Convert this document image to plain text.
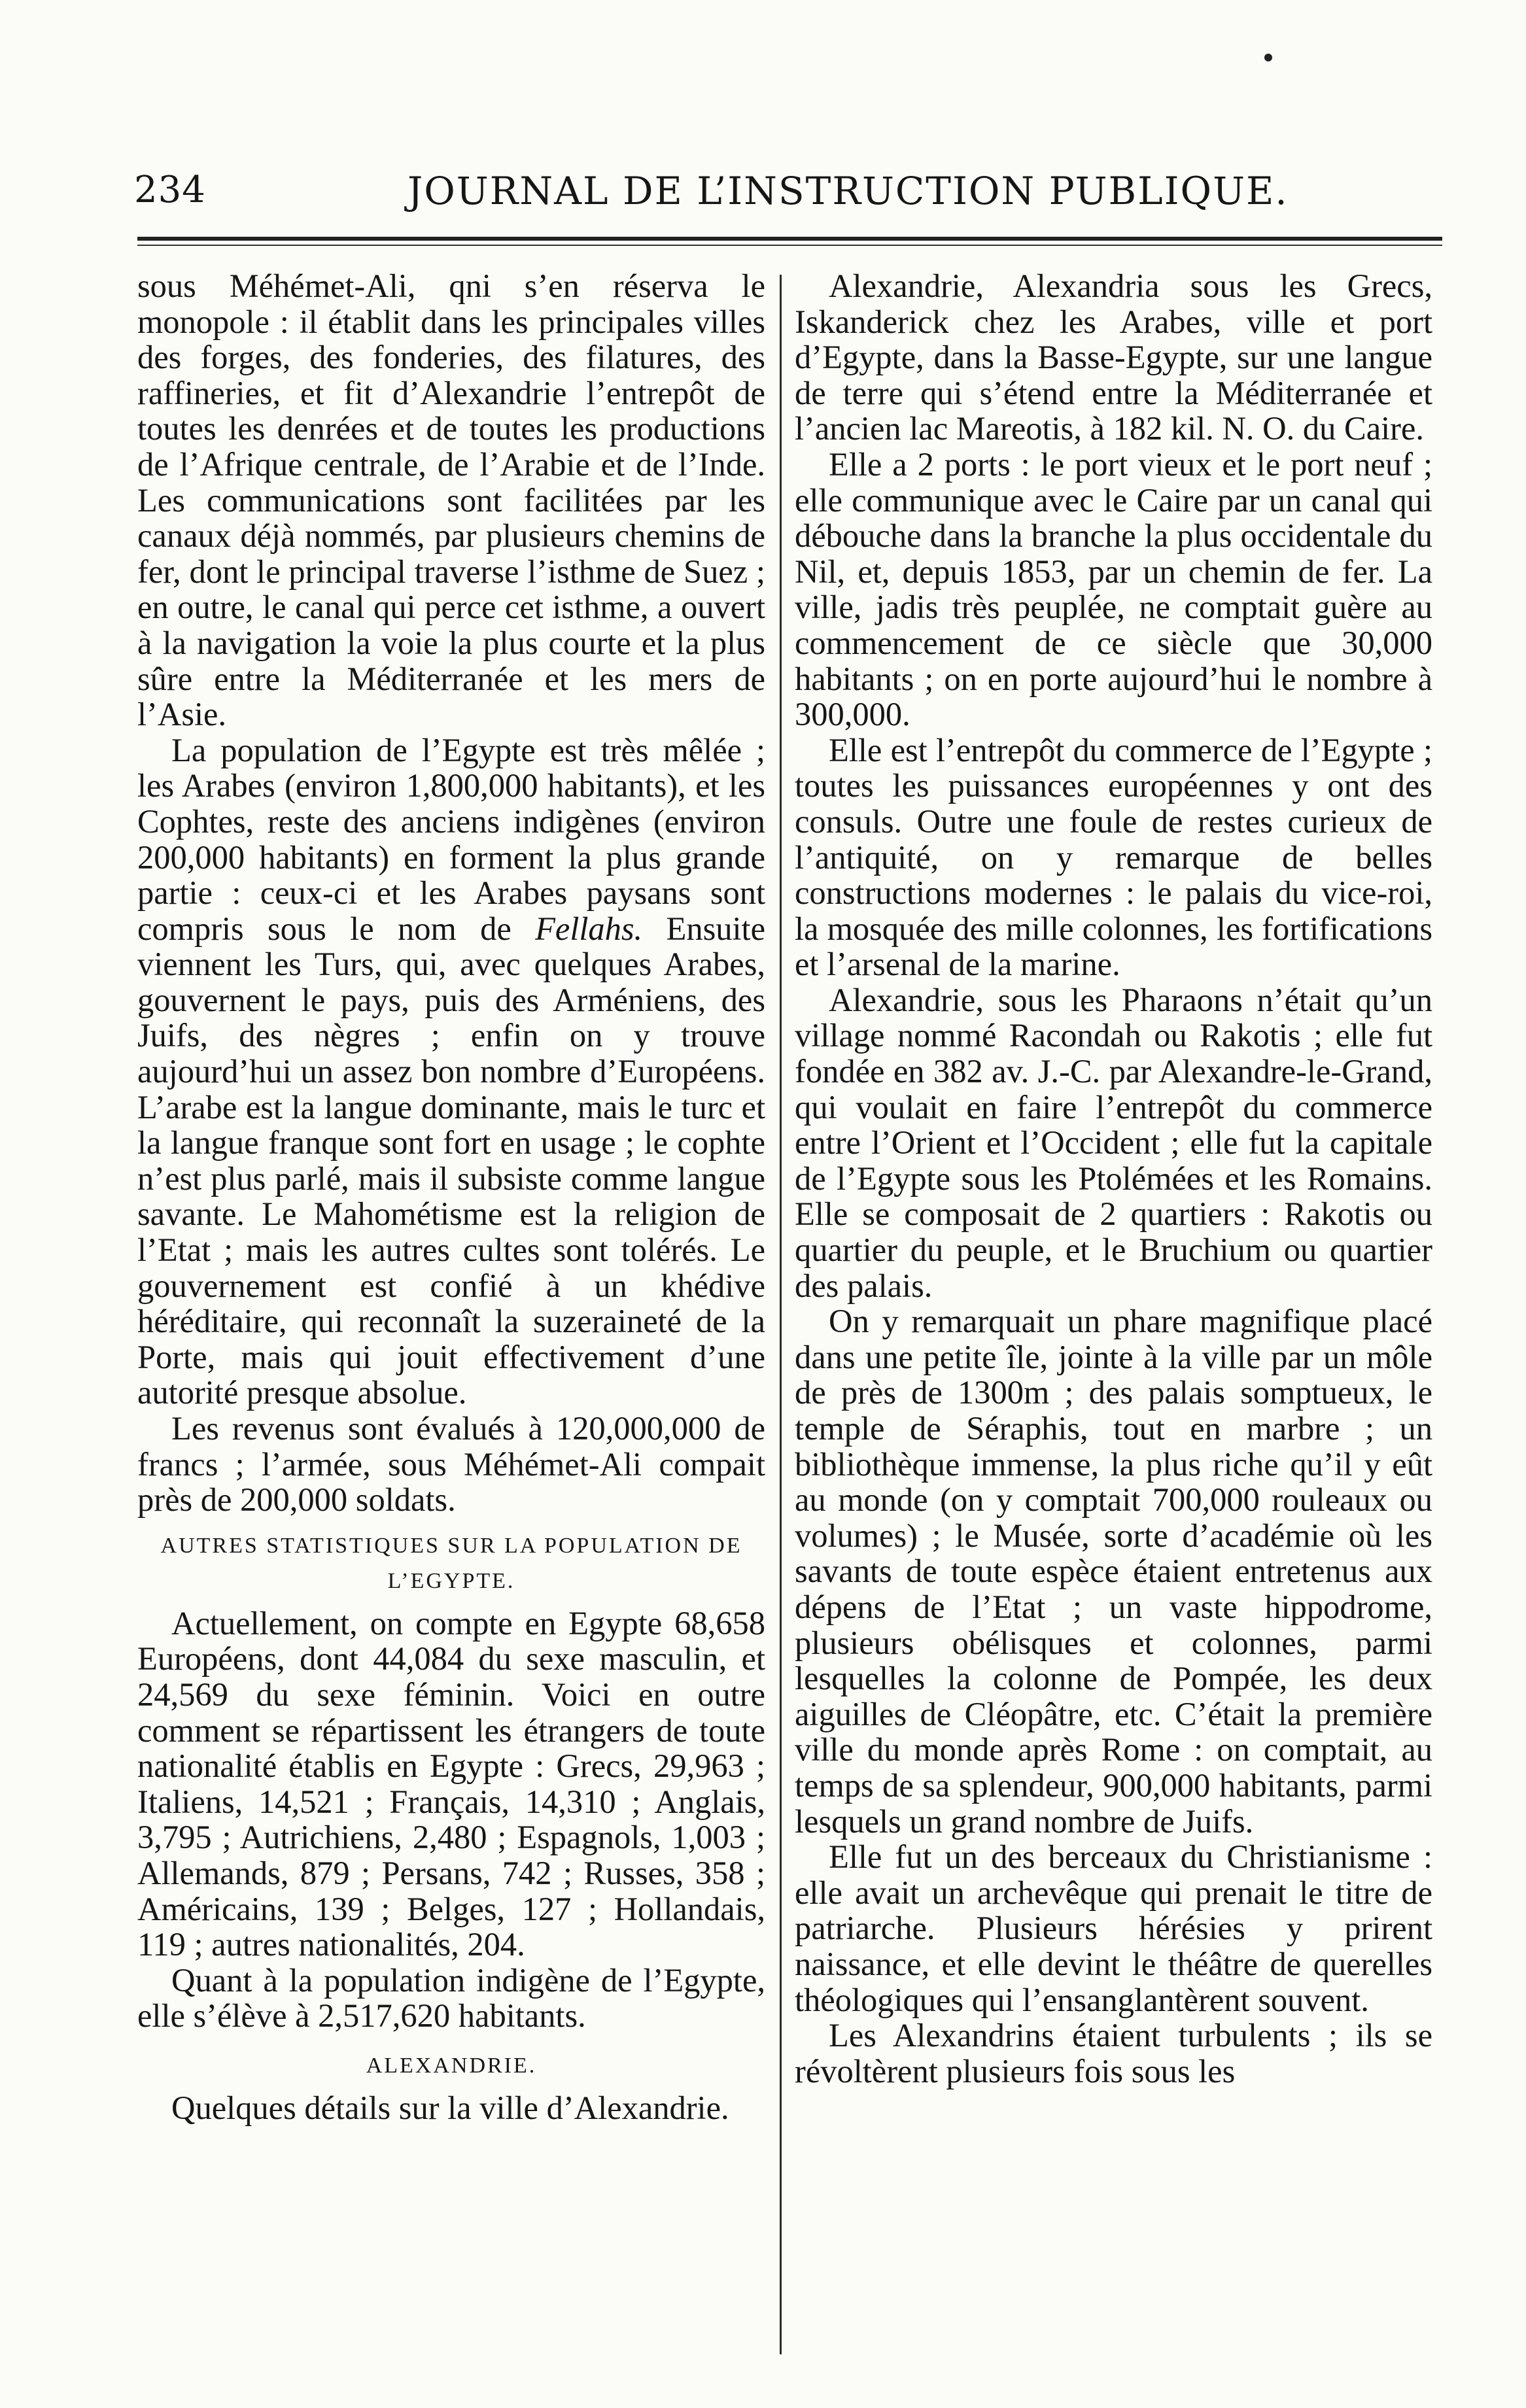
234	JOURNAL DE L’INSTRUCTION PUBLIQUE.

sous Méhémet-Ali, qni s’en réserva le monopole : il établit dans les principales villes des forges, des fonderies, des filatures, des raffineries, et fit d’Alexandrie l’entrepôt de toutes les denrées et de toutes les productions de l’Afrique centrale, de l’Arabie et de l’Inde. Les communications sont facilitées par les canaux déjà nommés, par plusieurs chemins de fer, dont le principal traverse l’isthme de Suez ; en outre, le canal qui perce cet isthme, a ouvert à la navigation la voie la plus courte et la plus sûre entre la Méditerranée et les mers de l’Asie.

La population de l’Egypte est très mêlée ; les Arabes (environ 1,800,000 habitants), et les Cophtes, reste des anciens indigènes (environ 200,000 habitants) en forment la plus grande partie : ceux-ci et les Arabes paysans sont compris sous le nom de Fellahs. Ensuite viennent les Turs, qui, avec quelques Arabes, gouvernent le pays, puis des Arméniens, des Juifs, des nègres ; enfin on y trouve aujourd’hui un assez bon nombre d’Européens. L’arabe est la langue dominante, mais le turc et la langue franque sont fort en usage ; le cophte n’est plus parlé, mais il subsiste comme langue savante. Le Mahométisme est la religion de l’Etat ; mais les autres cultes sont tolérés. Le gouvernement est confié à un khédive héréditaire, qui reconnaît la suzeraineté de la Porte, mais qui jouit effectivement d’une autorité presque absolue.

Les revenus sont évalués à 120,000,000 de francs ; l’armée, sous Méhémet-Ali compait près de 200,000 soldats.

AUTRES STATISTIQUES SUR LA POPULATION DE L’EGYPTE.

Actuellement, on compte en Egypte 68,658 Européens, dont 44,084 du sexe masculin, et 24,569 du sexe féminin. Voici en outre comment se répartissent les étrangers de toute nationalité établis en Egypte : Grecs, 29,963 ; Italiens, 14,521 ; Français, 14,310 ; Anglais, 3,795 ; Autrichiens, 2,480 ; Espagnols, 1,003 ; Allemands, 879 ; Persans, 742 ; Russes, 358 ; Américains, 139 ; Belges, 127 ; Hollandais, 119 ; autres nationalités, 204.

Quant à la population indigène de l’Egypte, elle s’élève à 2,517,620 habitants.

ALEXANDRIE.

Quelques détails sur la ville d’Alexandrie.

Alexandrie, Alexandria sous les Grecs, Iskanderick chez les Arabes, ville et port d’Egypte, dans la Basse-Egypte, sur une langue de terre qui s’étend entre la Méditerranée et l’ancien lac Mareotis, à 182 kil. N. O. du Caire.

Elle a 2 ports : le port vieux et le port neuf ; elle communique avec le Caire par un canal qui débouche dans la branche la plus occidentale du Nil, et, depuis 1853, par un chemin de fer. La ville, jadis très peuplée, ne comptait guère au commencement de ce siècle que 30,000 habitants ; on en porte aujourd’hui le nombre à 300,000.

Elle est l’entrepôt du commerce de l’Egypte ; toutes les puissances européennes y ont des consuls. Outre une foule de restes curieux de l’antiquité, on y remarque de belles constructions modernes : le palais du vice-roi, la mosquée des mille colonnes, les fortifications et l’arsenal de la marine.

Alexandrie, sous les Pharaons n’était qu’un village nommé Racondah ou Rakotis ; elle fut fondée en 382 av. J.-C. par Alexandre-le-Grand, qui voulait en faire l’entrepôt du commerce entre l’Orient et l’Occident ; elle fut la capitale de l’Egypte sous les Ptolémées et les Romains. Elle se composait de 2 quartiers : Rakotis ou quartier du peuple, et le Bruchium ou quartier des palais.

On y remarquait un phare magnifique placé dans une petite île, jointe à la ville par un môle de près de 1300m ; des palais somptueux, le temple de Séraphis, tout en marbre ; un bibliothèque immense, la plus riche qu’il y eût au monde (on y comptait 700,000 rouleaux ou volumes) ; le Musée, sorte d’académie où les savants de toute espèce étaient entretenus aux dépens de l’Etat ; un vaste hippodrome, plusieurs obélisques et colonnes, parmi lesquelles la colonne de Pompée, les deux aiguilles de Cléopâtre, etc. C’était la première ville du monde après Rome : on comptait, au temps de sa splendeur, 900,000 habitants, parmi lesquels un grand nombre de Juifs.

Elle fut un des berceaux du Christianisme : elle avait un archevêque qui prenait le titre de patriarche. Plusieurs hérésies y prirent naissance, et elle devint le théâtre de querelles théologiques qui l’ensanglantèrent souvent.

Les Alexandrins étaient turbulents ; ils se révoltèrent plusieurs fois sous les
